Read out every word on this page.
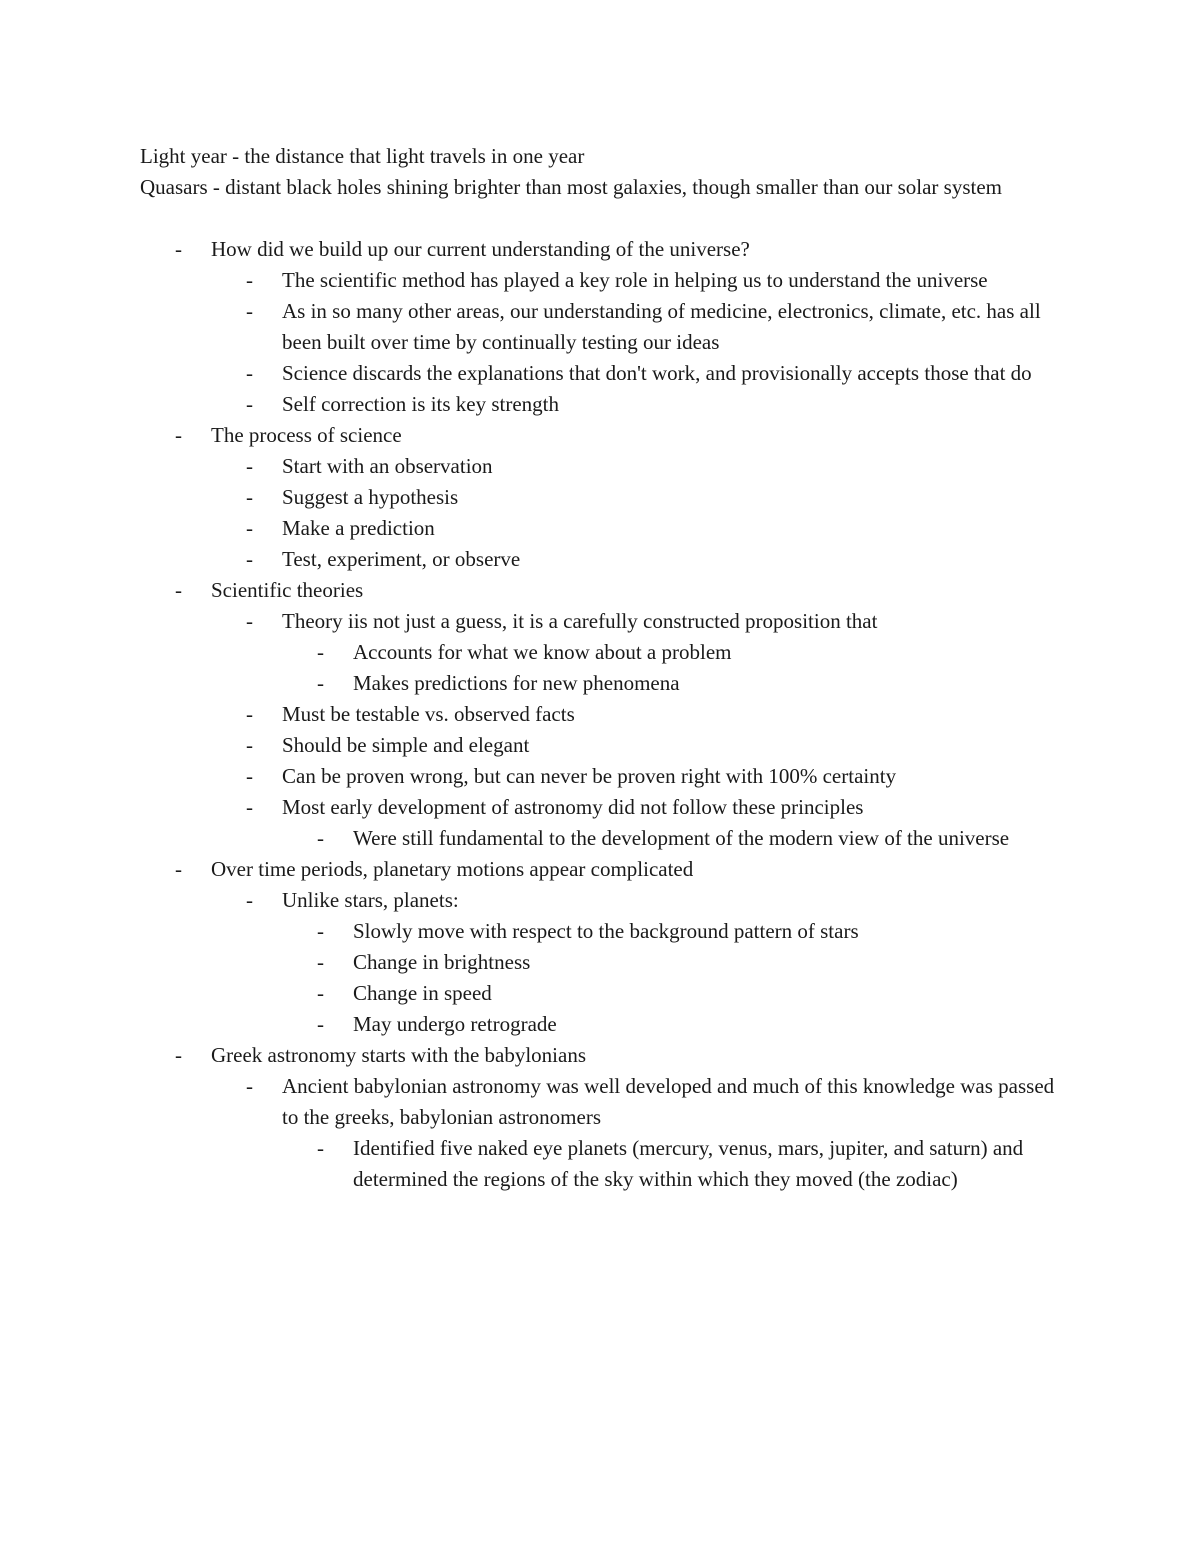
Light year - the distance that light travels in one year

Quasars - distant black holes shining brighter than most galaxies, though smaller than our solar system

- How did we build up our current understanding of the universe?
- The scientific method has played a key role in helping us to understand the universe
- As in so many other areas, our understanding of medicine, electronics, climate, etc. has all been built over time by continually testing our ideas
- Science discards the explanations that don't work, and provisionally accepts those that do
- Self correction is its key strength
- The process of science
- Start with an observation
- Suggest a hypothesis
- Make a prediction
- Test, experiment, or observe
- Scientific theories
- Theory iis not just a guess, it is a carefully constructed proposition that
- Accounts for what we know about a problem
- Makes predictions for new phenomena
- Must be testable vs. observed facts
- Should be simple and elegant
- Can be proven wrong, but can never be proven right with 100% certainty
- Most early development of astronomy did not follow these principles
- Were still fundamental to the development of the modern view of the universe
- Over time periods, planetary motions appear complicated
- Unlike stars, planets:
- Slowly move with respect to the background pattern of stars
- Change in brightness
- Change in speed
- May undergo retrograde
- Greek astronomy starts with the babylonians
- Ancient babylonian astronomy was well developed and much of this knowledge was passed to the greeks, babylonian astronomers
- Identified five naked eye planets (mercury, venus, mars, jupiter, and saturn) and determined the regions of the sky within which they moved (the zodiac)
